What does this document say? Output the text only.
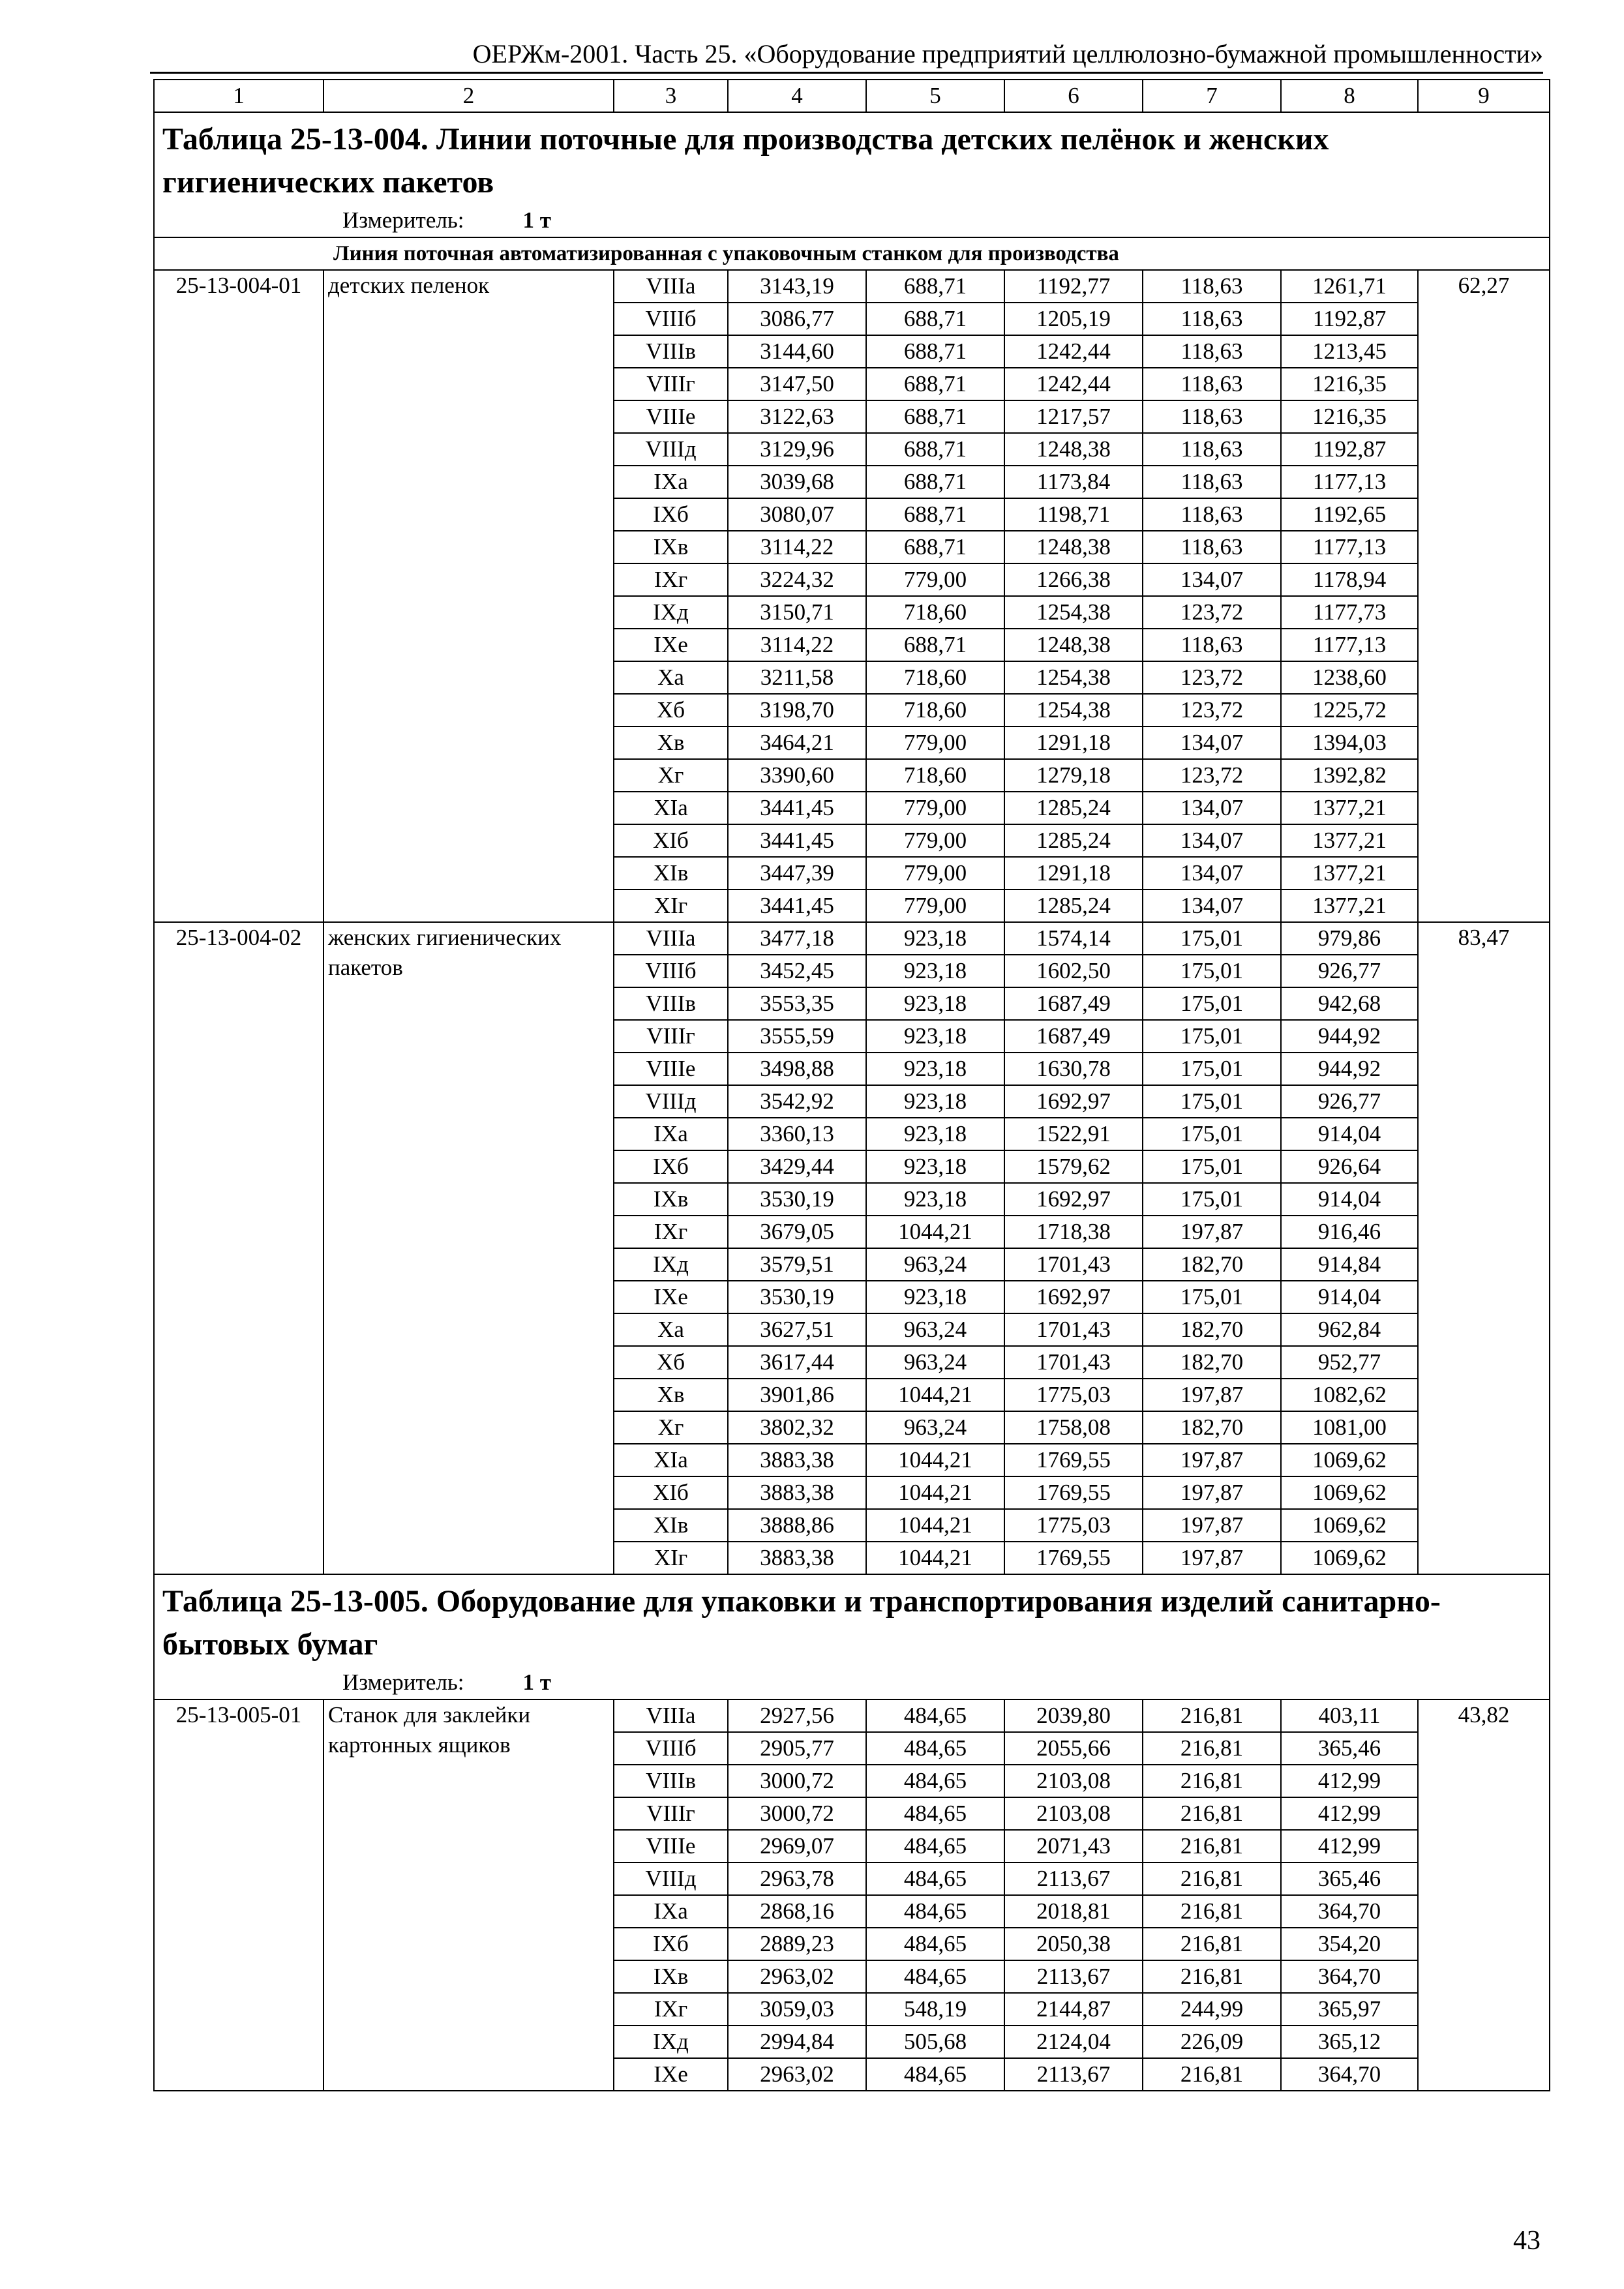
ОЕРЖм-2001. Часть 25. «Оборудование предприятий целлюлозно-бумажной промышленности»
1	2	3	4	5	6	7	8	9

Таблица 25-13-004. Линии поточные для производства детских пелёнок и женских гигиенических пакетов
Измеритель: 1 т								

Линия поточная автоматизированная с упаковочным станком для производства								
25-13-004-01	детских пеленок	VIIIа	3143,19	688,71	1192,77	118,63	1261,71	62,27
		VIIIб	3086,77	688,71	1205,19	118,63	1192,87	
		VIIIв	3144,60	688,71	1242,44	118,63	1213,45	
		VIIIг	3147,50	688,71	1242,44	118,63	1216,35	
		VIIIе	3122,63	688,71	1217,57	118,63	1216,35	
		VIIIд	3129,96	688,71	1248,38	118,63	1192,87	
		IXа	3039,68	688,71	1173,84	118,63	1177,13	
		IXб	3080,07	688,71	1198,71	118,63	1192,65	
		IXв	3114,22	688,71	1248,38	118,63	1177,13	
		IXг	3224,32	779,00	1266,38	134,07	1178,94	
		IXд	3150,71	718,60	1254,38	123,72	1177,73	
		IXе	3114,22	688,71	1248,38	118,63	1177,13	
		Xа	3211,58	718,60	1254,38	123,72	1238,60	
		Xб	3198,70	718,60	1254,38	123,72	1225,72	
		Xв	3464,21	779,00	1291,18	134,07	1394,03	
		Xг	3390,60	718,60	1279,18	123,72	1392,82	
		XIа	3441,45	779,00	1285,24	134,07	1377,21	
		XIб	3441,45	779,00	1285,24	134,07	1377,21	
		XIв	3447,39	779,00	1291,18	134,07	1377,21	
		XIг	3441,45	779,00	1285,24	134,07	1377,21	
25-13-004-02	женских гигиенических пакетов	VIIIа	3477,18	923,18	1574,14	175,01	979,86	83,47
		VIIIб	3452,45	923,18	1602,50	175,01	926,77	
		VIIIв	3553,35	923,18	1687,49	175,01	942,68	
		VIIIг	3555,59	923,18	1687,49	175,01	944,92	
		VIIIе	3498,88	923,18	1630,78	175,01	944,92	
		VIIIд	3542,92	923,18	1692,97	175,01	926,77	
		IXа	3360,13	923,18	1522,91	175,01	914,04	
		IXб	3429,44	923,18	1579,62	175,01	926,64	
		IXв	3530,19	923,18	1692,97	175,01	914,04	
		IXг	3679,05	1044,21	1718,38	197,87	916,46	
		IXд	3579,51	963,24	1701,43	182,70	914,84	
		IXе	3530,19	923,18	1692,97	175,01	914,04	
		Xа	3627,51	963,24	1701,43	182,70	962,84	
		Xб	3617,44	963,24	1701,43	182,70	952,77	
		Xв	3901,86	1044,21	1775,03	197,87	1082,62	
		Xг	3802,32	963,24	1758,08	182,70	1081,00	
		XIа	3883,38	1044,21	1769,55	197,87	1069,62	
		XIб	3883,38	1044,21	1769,55	197,87	1069,62	
		XIв	3888,86	1044,21	1775,03	197,87	1069,62	
		XIг	3883,38	1044,21	1769,55	197,87	1069,62	

Таблица 25-13-005. Оборудование для упаковки и транспортирования изделий санитарно-бытовых бумаг
Измеритель: 1 т								

25-13-005-01	Станок для заклейки картонных ящиков	VIIIа	2927,56	484,65	2039,80	216,81	403,11	43,82
		VIIIб	2905,77	484,65	2055,66	216,81	365,46	
		VIIIв	3000,72	484,65	2103,08	216,81	412,99	
		VIIIг	3000,72	484,65	2103,08	216,81	412,99	
		VIIIе	2969,07	484,65	2071,43	216,81	412,99	
		VIIIд	2963,78	484,65	2113,67	216,81	365,46	
		IXа	2868,16	484,65	2018,81	216,81	364,70	
		IXб	2889,23	484,65	2050,38	216,81	354,20	
		IXв	2963,02	484,65	2113,67	216,81	364,70	
		IXг	3059,03	548,19	2144,87	244,99	365,97	
		IXд	2994,84	505,68	2124,04	226,09	365,12	
		IXе	2963,02	484,65	2113,67	216,81	364,70	
43
